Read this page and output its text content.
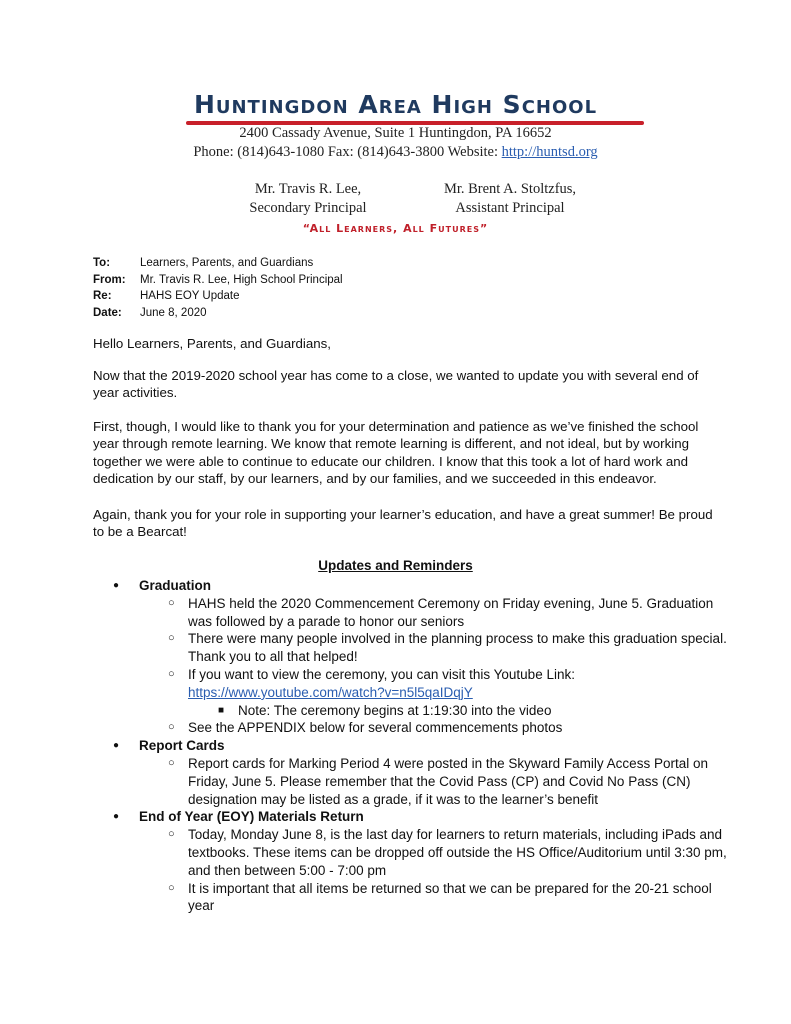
Huntingdon Area High School
2400 Cassady Avenue, Suite 1 Huntingdon, PA 16652
Phone: (814)643-1080 Fax: (814)643-3800 Website: http://huntsd.org
Mr. Travis R. Lee,
Secondary Principal
Mr. Brent A. Stoltzfus,
Assistant Principal
“All Learners, All Futures”
To:	Learners, Parents, and Guardians
From:	Mr. Travis R. Lee, High School Principal
Re:	HAHS EOY Update
Date:	June 8, 2020
Hello Learners, Parents, and Guardians,
Now that the 2019-2020 school year has come to a close, we wanted to update you with several end of year activities.
First, though, I would like to thank you for your determination and patience as we’ve finished the school year through remote learning. We know that remote learning is different, and not ideal, but by working together we were able to continue to educate our children. I know that this took a lot of hard work and dedication by our staff, by our learners, and by our families, and we succeeded in this endeavor.
Again, thank you for your role in supporting your learner’s education, and have a great summer! Be proud to be a Bearcat!
Updates and Reminders
● Graduation
○ HAHS held the 2020 Commencement Ceremony on Friday evening, June 5. Graduation was followed by a parade to honor our seniors
○ There were many people involved in the planning process to make this graduation special. Thank you to all that helped!
○ If you want to view the ceremony, you can visit this Youtube Link:
https://www.youtube.com/watch?v=n5l5qaIDqjY
■ Note: The ceremony begins at 1:19:30 into the video
○ See the APPENDIX below for several commencements photos
● Report Cards
○ Report cards for Marking Period 4 were posted in the Skyward Family Access Portal on Friday, June 5. Please remember that the Covid Pass (CP) and Covid No Pass (CN) designation may be listed as a grade, if it was to the learner’s benefit
● End of Year (EOY) Materials Return
○ Today, Monday June 8, is the last day for learners to return materials, including iPads and textbooks. These items can be dropped off outside the HS Office/Auditorium until 3:30 pm, and then between 5:00 - 7:00 pm
○ It is important that all items be returned so that we can be prepared for the 20-21 school year
